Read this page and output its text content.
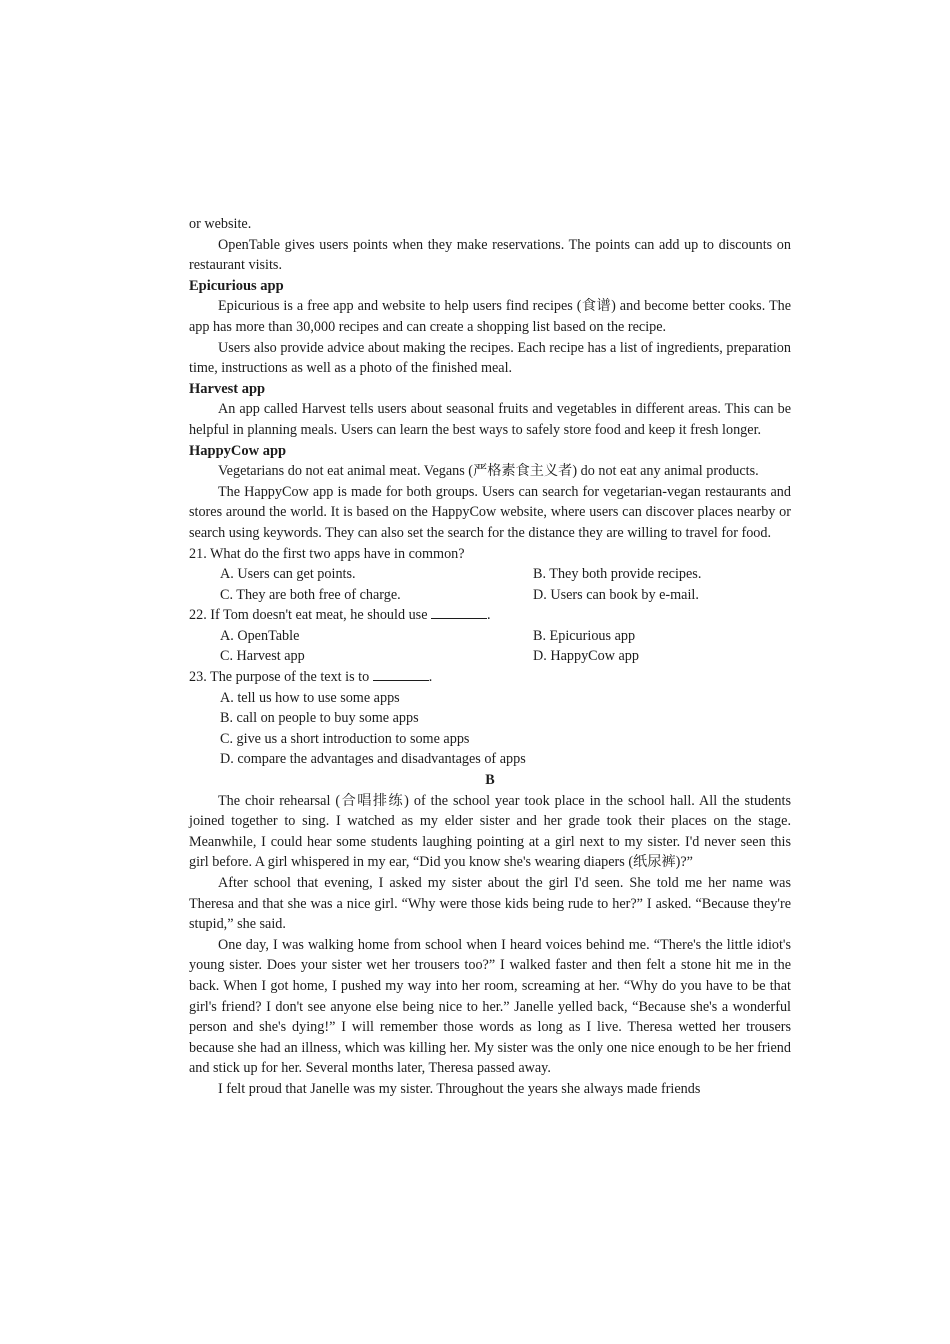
or website.

OpenTable gives users points when they make reservations. The points can add up to discounts on restaurant visits.

Epicurious app

Epicurious is a free app and website to help users find recipes (食谱) and become better cooks. The app has more than 30,000 recipes and can create a shopping list based on the recipe.

Users also provide advice about making the recipes. Each recipe has a list of ingredients, preparation time, instructions as well as a photo of the finished meal.

Harvest app

An app called Harvest tells users about seasonal fruits and vegetables in different areas. This can be helpful in planning meals. Users can learn the best ways to safely store food and keep it fresh longer.

HappyCow app

Vegetarians do not eat animal meat. Vegans (严格素食主义者) do not eat any animal products.

The HappyCow app is made for both groups. Users can search for vegetarian-vegan restaurants and stores around the world. It is based on the HappyCow website, where users can discover places nearby or search using keywords. They can also set the search for the distance they are willing to travel for food.

21. What do the first two apps have in common?

A. Users can get points.	B. They both provide recipes.
C. They are both free of charge.	D. Users can book by e-mail.

22. If Tom doesn't eat meat, he should use	.

A. OpenTable	B. Epicurious app
C. Harvest app	D. HappyCow app

23. The purpose of the text is to	.

A. tell us how to use some apps

B. call on people to buy some apps

C. give us a short introduction to some apps

D. compare the advantages and disadvantages of apps

B

The choir rehearsal (合唱排练) of the school year took place in the school hall. All the students joined together to sing. I watched as my elder sister and her grade took their places on the stage. Meanwhile, I could hear some students laughing pointing at a girl next to my sister. I'd never seen this girl before. A girl whispered in my ear, “Did you know she's wearing diapers (纸尿裤)?”

After school that evening, I asked my sister about the girl I'd seen. She told me her name was Theresa and that she was a nice girl. “Why were those kids being rude to her?” I asked. “Because they're stupid,” she said.

One day, I was walking home from school when I heard voices behind me. “There's the little idiot's young sister. Does your sister wet her trousers too?” I walked faster and then felt a stone hit me in the back. When I got home, I pushed my way into her room, screaming at her. “Why do you have to be that girl's friend? I don't see anyone else being nice to her.” Janelle yelled back, “Because she's a wonderful person and she's dying!” I will remember those words as long as I live. Theresa wetted her trousers because she had an illness, which was killing her. My sister was the only one nice enough to be her friend and stick up for her. Several months later, Theresa passed away.

I felt proud that Janelle was my sister. Throughout the years she always made friends
